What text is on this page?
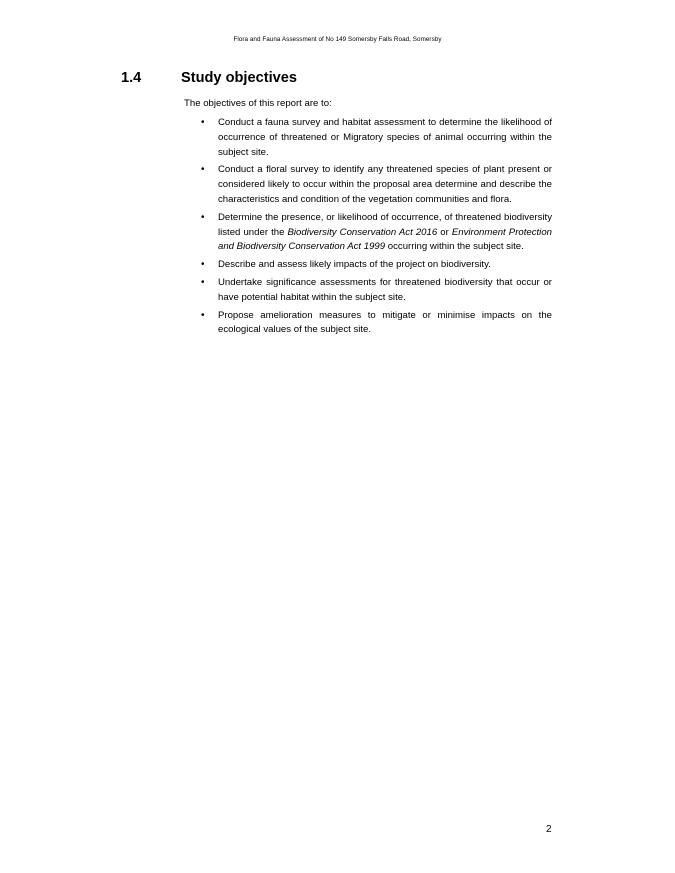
Flora and Fauna Assessment of No 149 Somersby Falls Road, Somersby
1.4	Study objectives
The objectives of this report are to:
• Conduct a fauna survey and habitat assessment to determine the likelihood of occurrence of threatened or Migratory species of animal occurring within the subject site.
• Conduct a floral survey to identify any threatened species of plant present or considered likely to occur within the proposal area determine and describe the characteristics and condition of the vegetation communities and flora.
• Determine the presence, or likelihood of occurrence, of threatened biodiversity listed under the Biodiversity Conservation Act 2016 or Environment Protection and Biodiversity Conservation Act 1999 occurring within the subject site.
• Describe and assess likely impacts of the project on biodiversity.
• Undertake significance assessments for threatened biodiversity that occur or have potential habitat within the subject site.
• Propose amelioration measures to mitigate or minimise impacts on the ecological values of the subject site.
2
